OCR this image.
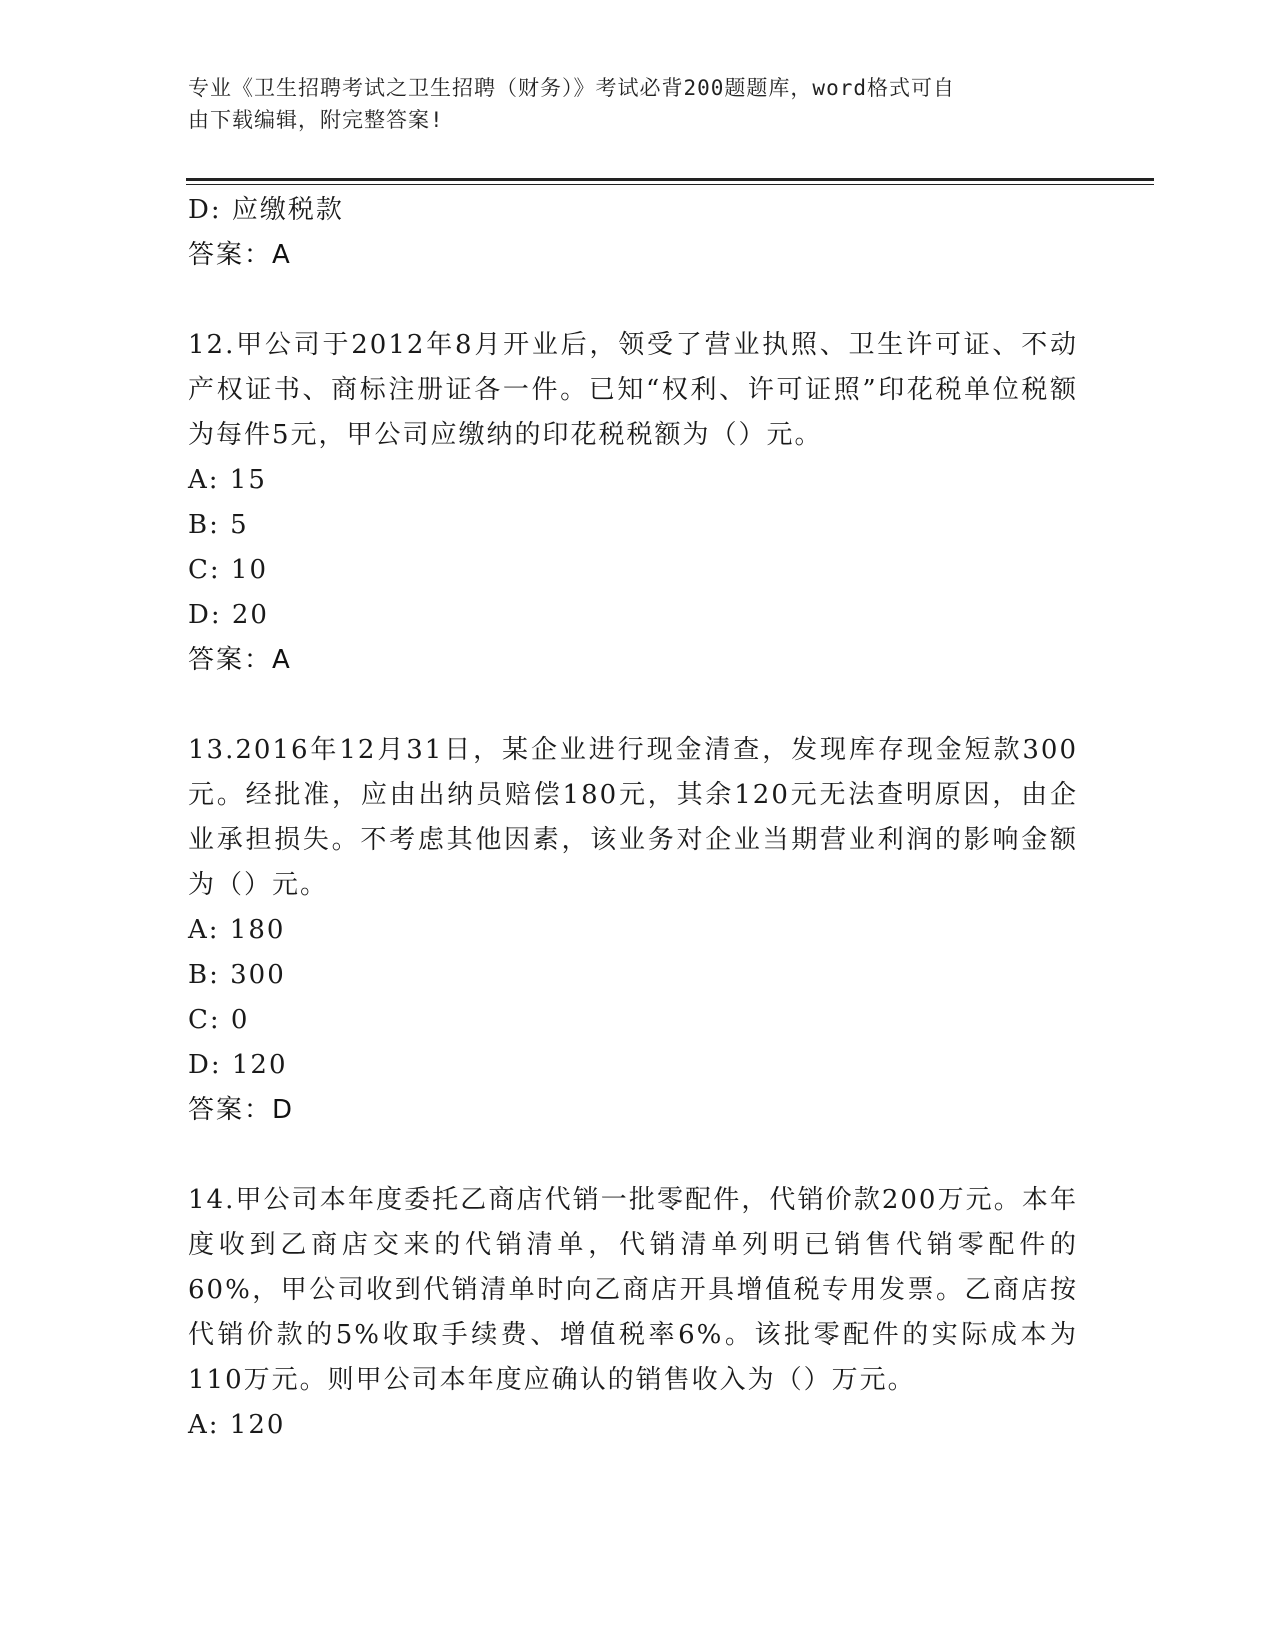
专业《卫生招聘考试之卫生招聘（财务）》考试必背200题题库，word格式可自
由下载编辑，附完整答案!
D: 应缴税款
答案：A
12.甲公司于2012年8月开业后，领受了营业执照、卫生许可证、不动产权证书、商标注册证各一件。已知“权利、许可证照”印花税单位税额为每件5元，甲公司应缴纳的印花税税额为（）元。
A: 15
B: 5
C: 10
D: 20
答案：A
13.2016年12月31日，某企业进行现金清查，发现库存现金短款300元。经批准，应由出纳员赔偿180元，其余120元无法查明原因，由企业承担损失。不考虑其他因素，该业务对企业当期营业利润的影响金额为（）元。
A: 180
B: 300
C: 0
D: 120
答案：D
14.甲公司本年度委托乙商店代销一批零配件，代销价款200万元。本年度收到乙商店交来的代销清单，代销清单列明已销售代销零配件的60%，甲公司收到代销清单时向乙商店开具增值税专用发票。乙商店按代销价款的5%收取手续费、增值税率6%。该批零配件的实际成本为110万元。则甲公司本年度应确认的销售收入为（）万元。
A: 120
